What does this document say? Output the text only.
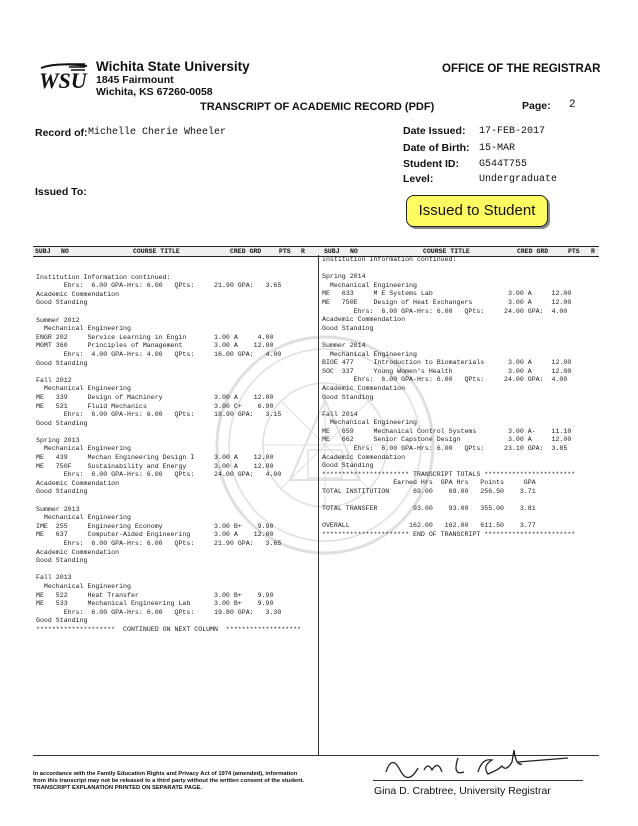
WSU
Wichita State University
1845 Fairmount
Wichita, KS 67260-0058
OFFICE OF THE REGISTRAR
TRANSCRIPT OF ACADEMIC RECORD (PDF)	Page: 2
Record of: Michelle Cherie Wheeler	Date Issued: 17-FEB-2017
Date of Birth: 15-MAR
Student ID: G544T755
Level:	Undergraduate
Issued To:
Issued to Student
SUBJ NO	COURSE TITLE	CRED GRD	PTS R	SUBJ NO	COURSE TITLE	CRED GRD	PTS R

Institution Information continued:
Ehrs:  6.00 GPA-Hrs: 6.00   QPts:     21.90 GPA:   3.65
Academic Commendation
Good Standing

Summer 2012
Mechanical Engineering
ENGR 202     Service Learning in Engin       1.00 A     4.00
MGMT 360     Principles of Management        3.00 A    12.00
Ehrs:  4.00 GPA-Hrs: 4.00   QPts:     16.00 GPA:   4.00
Good Standing

Fall 2012
Mechanical Engineering
ME   339     Design of Machinery             3.00 A    12.00
ME   521     Fluid Mechanics                 3.00 C+    6.90
Ehrs:  6.00 GPA-Hrs: 6.00   QPts:     18.90 GPA:   3.15
Good Standing

Spring 2013
Mechanical Engineering
ME   439     Mechan Engineering Design I     3.00 A    12.00
ME   750F    Sustainability and Energy       3.00 A    12.00
Ehrs:  6.00 GPA-Hrs: 6.00   QPts:     24.00 GPA:   4.00
Academic Commendation
Good Standing

Summer 2013
Mechanical Engineering
IME  255     Engineering Economy             3.00 B+    9.90
ME   637     Computer-Aided Engineering      3.00 A    12.00
Ehrs:  6.00 GPA-Hrs: 6.00   QPts:     21.90 GPA:   3.65
Academic Commendation
Good Standing

Fall 2013
Mechanical Engineering
ME   522     Heat Transfer                   3.00 B+    9.90
ME   533     Mechanical Engineering Lab      3.00 B+    9.90
Ehrs:  6.00 GPA-Hrs: 6.00   QPts:     19.80 GPA:   3.30
Good Standing
********************  CONTINUED ON NEXT COLUMN  *******************
Institution Information continued:

Spring 2014
Mechanical Engineering
ME   633     M E Systems Lab                   3.00 A     12.00
ME   750E    Design of Heat Exchangers         3.00 A     12.00
Ehrs:  6.00 GPA-Hrs: 6.00   QPts:     24.00 GPA:  4.00
Academic Commendation
Good Standing

Summer 2014
Mechanical Engineering
BIOE 477     Introduction to Biomaterials      3.00 A     12.00
SOC  337     Young Women's Health              3.00 A     12.00
Ehrs:  6.00 GPA-Hrs: 6.00   QPts:     24.00 GPA:  4.00
Academic Commendation
Good Standing

Fall 2014
Mechanical Engineering
ME   659     Mechanical Control Systems        3.00 A-    11.10
ME   662     Senior Capstone Design            3.00 A     12.00
Ehrs:  6.00 GPA-Hrs: 6.00   QPts:     23.10 GPA:  3.85
Academic Commendation
Good Standing
********************** TRANSCRIPT TOTALS ***********************
Earned Hrs  GPA Hrs   Points     GPA
TOTAL INSTITUTION      69.00    69.00   256.50    3.71

TOTAL TRANSFER         93.00    93.00   355.00    3.81

OVERALL               162.00   162.00   611.50    3.77
********************** END OF TRANSCRIPT ***********************
In accordance with the Family Education Rights and Privacy Act of 1974 (amended), information
from this transcript may not be released to a third party without the written consent of the student.
TRANSCRIPT EXPLANATION PRINTED ON SEPARATE PAGE.	Gina D. Crabtree, University Registrar
